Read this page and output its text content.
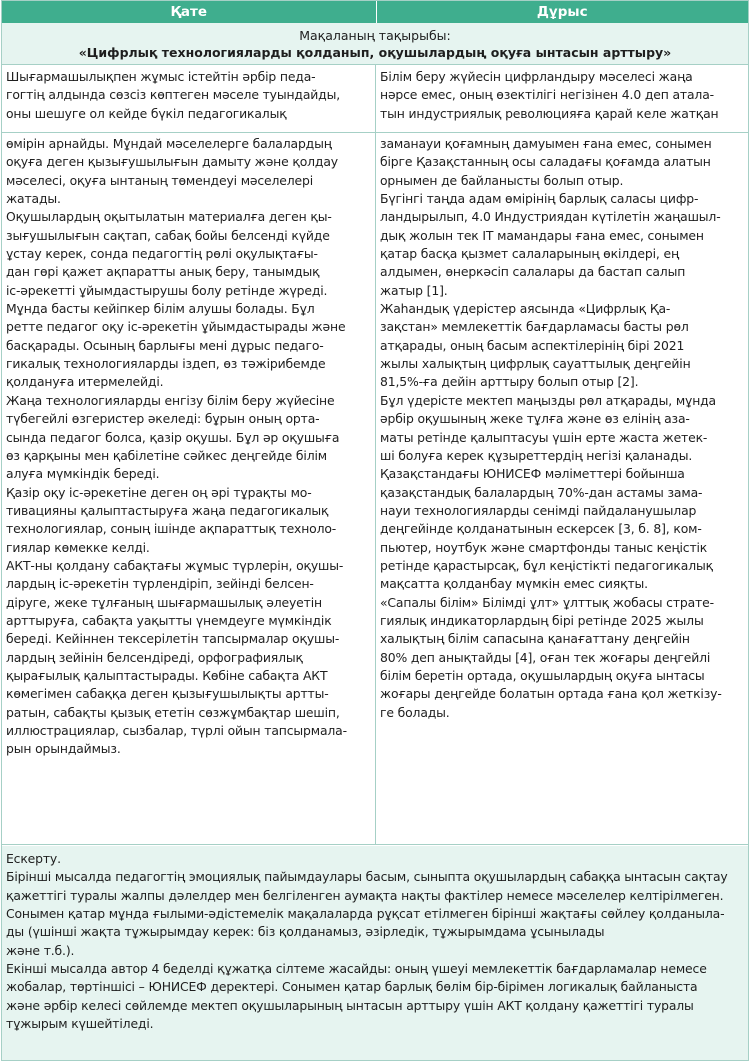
Қате	Дұрыс
Мақаланың тақырыбы:
«Цифрлық технологияларды қолданып, оқушылардың оқуға ынтасын арттыру»
Шығармашылықпен жұмыс істейтін әрбір педа-
гогтің алдында сөзсіз көптеген мәселе туындайды,
оны шешуге ол кейде бүкіл педагогикалық
Білім беру жүйесін цифрландыру мәселесі жаңа
нәрсе емес, оның өзектілігі негізінен 4.0 деп атала-
тын индустриялық революцияға қарай келе жатқан
өмірін арнайды. Мұндай мәселелерге балалардың
оқуға деген қызығушылығын дамыту және қолдау
мәселесі, оқуға ынтаның төмендеуі мәселелері
жатады.
Оқушылардың оқытылатын материалға деген қы-
зығушылығын сақтап, сабақ бойы белсенді күйде
ұстау керек, сонда педагогтің рөлі оқулықтағы-
дан гөрі қажет ақпаратты анық беру, танымдық
іс-әрекетті ұйымдастырушы болу ретінде жүреді.
Мұнда басты кейіпкер білім алушы болады. Бұл
ретте педагог оқу іс-әрекетін ұйымдастырады және
басқарады. Осының барлығы мені дұрыс педаго-
гикалық технологияларды іздеп, өз тәжірибемде
қолдануға итермелейді.
Жаңа технологияларды енгізу білім беру жүйесіне
түбегейлі өзгеристер әкеледі: бұрын оның орта-
сында педагог болса, қазір оқушы. Бұл әр оқушыға
өз қарқыны мен қабілетіне сәйкес деңгейде білім
алуға мүмкіндік береді.
Қазір оқу іс-әрекетіне деген оң әрі тұрақты мо-
тивацияны қалыптастыруға жаңа педагогикалық
технологиялар, соның ішінде ақпараттық техноло-
гиялар көмекке келді.
АКТ-ны қолдану сабақтағы жұмыс түрлерін, оқушы-
лардың іс-әрекетін түрлендіріп, зейінді белсен-
діруге, жеке тұлғаның шығармашылық әлеуетін
арттыруға, сабақта уақытты үнемдеуге мүмкіндік
береді. Кейіннен тексерілетін тапсырмалар оқушы-
лардың зейінін белсендіреді, орфографиялық
қырағылық қалыптастырады. Көбіне сабақта АКТ
көмегімен сабаққа деген қызығушылықты артты-
ратын, сабақты қызық ететін сөзжұмбақтар шешіп,
иллюстрациялар, сызбалар, түрлі ойын тапсырмала-
рын орындаймыз.
заманауи қоғамның дамуымен ғана емес, сонымен
бірге Қазақстанның осы саладағы қоғамда алатын
орнымен де байланысты болып отыр.
Бүгінгі таңда адам өмірінің барлық саласы цифр-
ландырылып, 4.0 Индустриядан күтілетін жаңашыл-
дық жолын тек IT мамандары ғана емес, сонымен
қатар басқа қызмет салаларының өкілдері, ең
алдымен, өнеркәсіп салалары да бастап салып
жатыр [1].
Жаһандық үдерістер аясында «Цифрлық Қа-
зақстан» мемлекеттік бағдарламасы басты рөл
атқарады, оның басым аспектілерінің бірі 2021
жылы халықтың цифрлық сауаттылық деңгейін
81,5%-ға дейін арттыру болып отыр [2].
Бұл үдерісте мектеп маңызды рөл атқарады, мұнда
әрбір оқушының жеке тұлға және өз елінің аза-
маты ретінде қалыптасуы үшін ерте жаста жетек-
ші болуға керек құзыреттердің негізі қаланады.
Қазақстандағы ЮНИСЕФ мәліметтері бойынша
қазақстандық балалардың 70%-дан астамы зама-
науи технологияларды сенімді пайдаланушылар
деңгейінде қолданатынын ескерсек [3, б. 8], ком-
пьютер, ноутбук және смартфонды таныс кеңістік
ретінде қарастырсақ, бұл кеңістікті педагогикалық
мақсатта қолданбау мүмкін емес сияқты.
«Сапалы білім» Білімді ұлт» ұлттық жобасы страте-
гиялық индикаторлардың бірі ретінде 2025 жылы
халықтың білім сапасына қанағаттану деңгейін
80% деп анықтайды [4], оған тек жоғары деңгейлі
білім беретін ортада, оқушылардың оқуға ынтасы
жоғары деңгейде болатын ортада ғана қол жеткізу-
ге болады.
Ескерту.
Бірінші мысалда педагогтің эмоциялық пайымдаулары басым, сыныпта оқушылардың сабаққа ынтасын сақтау
қажеттігі туралы жалпы дәлелдер мен белгіленген аумақта нақты фактілер немесе мәселелер келтірілмеген.
Сонымен қатар мұнда ғылыми-әдістемелік мақалаларда рұқсат етілмеген бірінші жақтағы сөйлеу қолданыла-
ды (үшінші жақта тұжырымдау керек: біз қолданамыз, әзірледік, тұжырымдама ұсынылады
және т.б.).
Екінші мысалда автор 4 беделді құжатқа сілтеме жасайды: оның үшеуі мемлекеттік бағдарламалар немесе
жобалар, төртіншісі – ЮНИСЕФ деректері. Сонымен қатар барлық бөлім бір-бірімен логикалық байланыста
және әрбір келесі сөйлемде мектеп оқушыларының ынтасын арттыру үшін АКТ қолдану қажеттігі туралы
тұжырым күшейтіледі.
